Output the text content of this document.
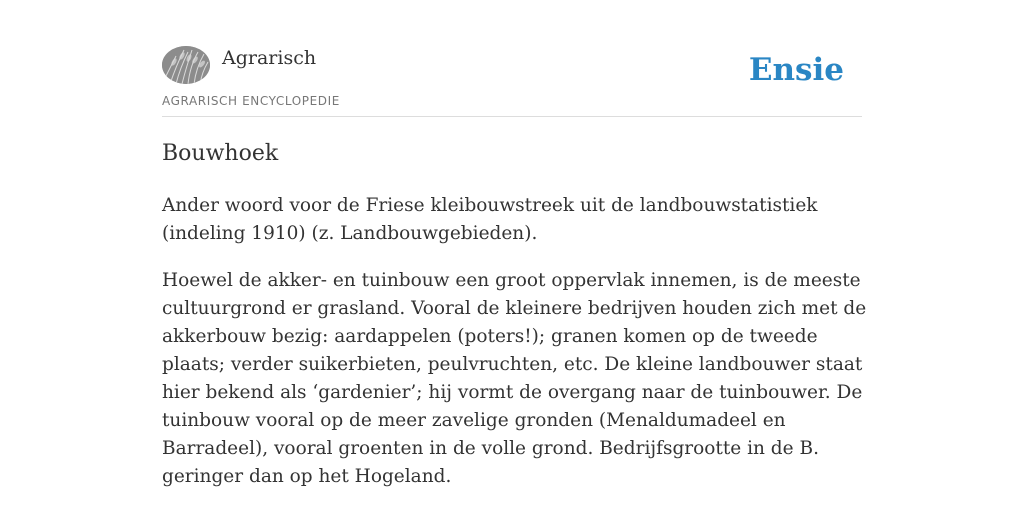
Agrarisch
AGRARISCH ENCYCLOPEDIE
Ensie
Bouwhoek

Ander woord voor de Friese kleibouwstreek uit de landbouwstatistiek (indeling 1910) (z. Landbouwgebieden).

Hoewel de akker- en tuinbouw een groot oppervlak innemen, is de meeste cultuurgrond er grasland. Vooral de kleinere bedrijven houden zich met de akkerbouw bezig: aardappelen (poters!); granen komen op de tweede plaats; verder suikerbieten, peulvruchten, etc. De kleine landbouwer staat hier bekend als ‘gardenier’; hij vormt de overgang naar de tuinbouwer. De tuinbouw vooral op de meer zavelige gronden (Menaldumadeel en Barradeel), vooral groenten in de volle grond. Bedrijfsgrootte in de B. geringer dan op het Hogeland.
